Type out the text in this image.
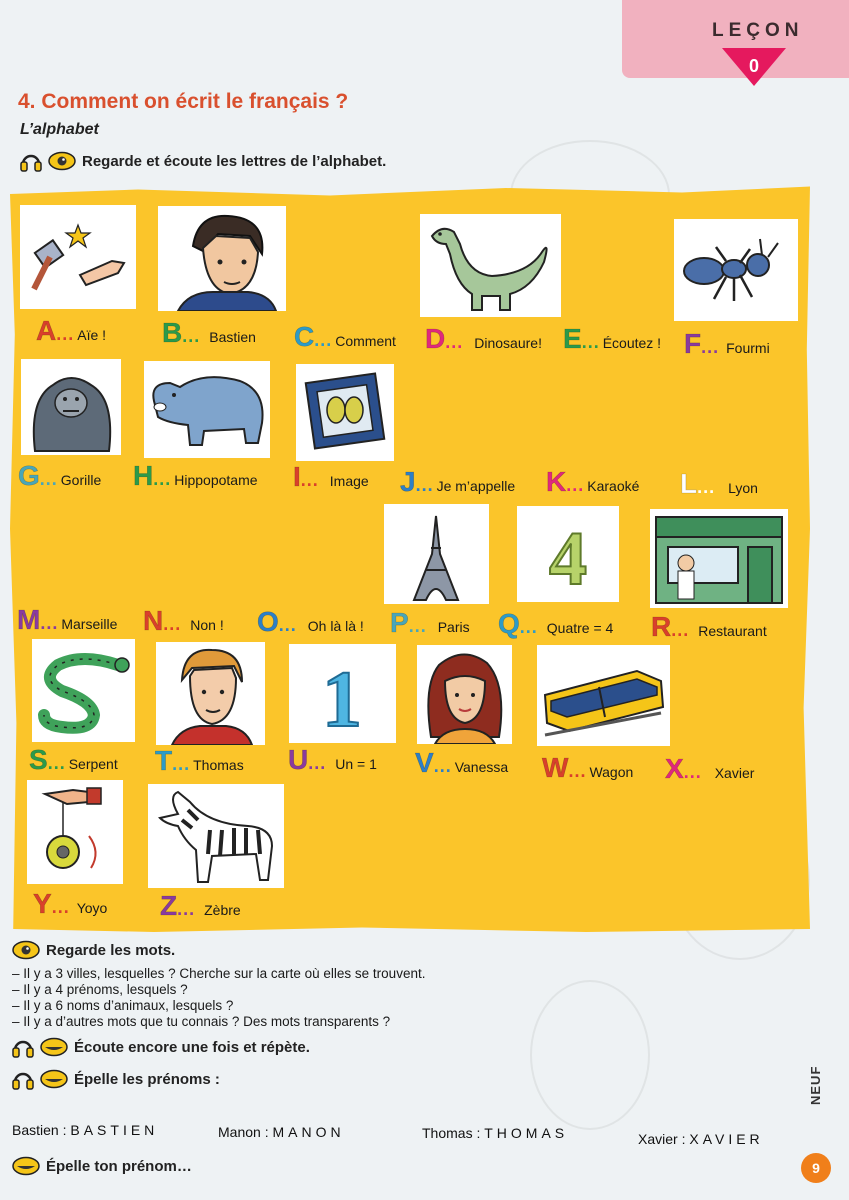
LEÇON
0
4. Comment on écrit le français ?
L’alphabet
Regarde et écoute les lettres de l’alphabet.
4
1
A ... Aïe ! B ... Bastien C ... Comment D ... Dinosaure! E ... Écoutez ! F ... Fourmi
G ... Gorille H ... Hippopotame I ... Image J ... Je m’appelle K ... Karaoké L ... Lyon
M ... Marseille N ... Non ! O ... Oh là là ! P ... Paris Q ... Quatre = 4 R ... Restaurant
S ... Serpent T ... Thomas U ... Un = 1 V ... Vanessa W ... Wagon X ... Xavier
Y ... Yoyo Z ... Zèbre
Regarde les mots.
– Il y a 3 villes, lesquelles ? Cherche sur la carte où elles se trouvent.
– Il y a 4 prénoms, lesquels ?
– Il y a 6 noms d’animaux, lesquels ?
– Il y a d’autres mots que tu connais ? Des mots transparents ?
Écoute encore une fois et répète.
Épelle les prénoms :
Bastien : BASTIEN	Manon : MANON	Thomas : THOMAS	Xavier : XAVIER
Épelle ton prénom…
NEUF
9
